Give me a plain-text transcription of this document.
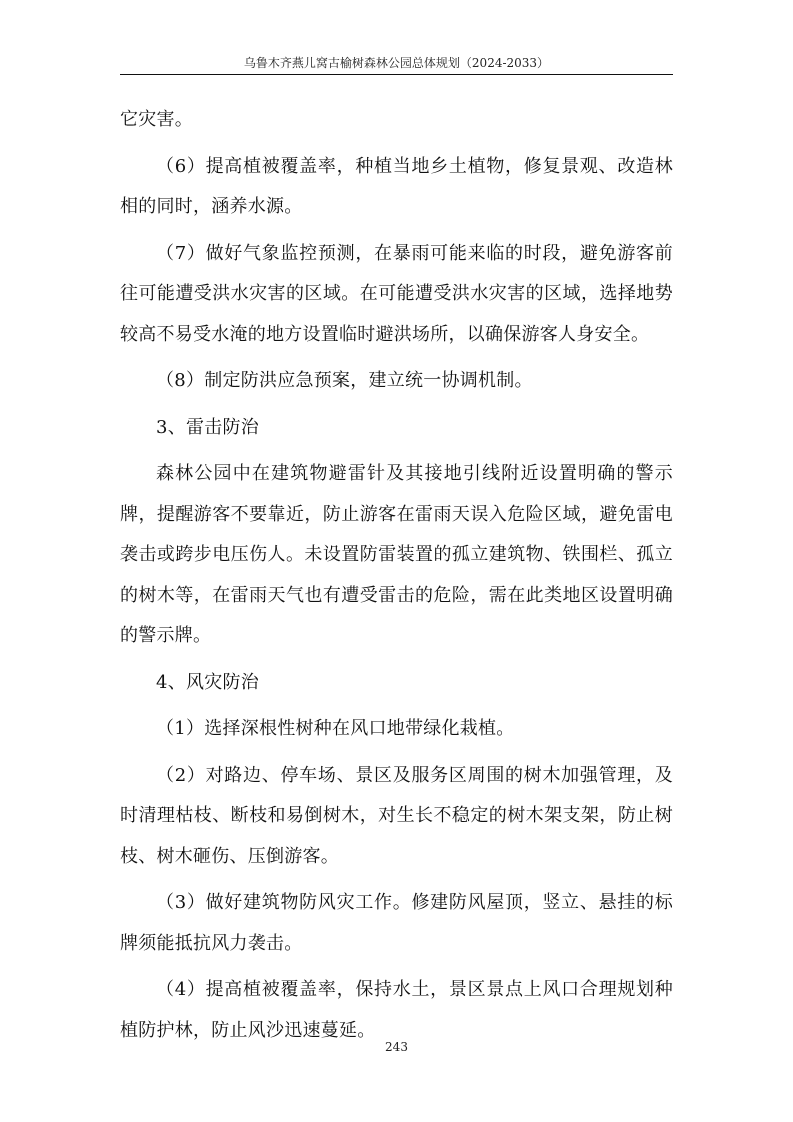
乌鲁木齐燕儿窝古榆树森林公园总体规划（2024-2033）

它灾害。

（6）提高植被覆盖率，种植当地乡土植物，修复景观、改造林相的同时，涵养水源。

（7）做好气象监控预测，在暴雨可能来临的时段，避免游客前往可能遭受洪水灾害的区域。在可能遭受洪水灾害的区域，选择地势较高不易受水淹的地方设置临时避洪场所，以确保游客人身安全。

（8）制定防洪应急预案，建立统一协调机制。

3、雷击防治

森林公园中在建筑物避雷针及其接地引线附近设置明确的警示牌，提醒游客不要靠近，防止游客在雷雨天误入危险区域，避免雷电袭击或跨步电压伤人。未设置防雷装置的孤立建筑物、铁围栏、孤立的树木等，在雷雨天气也有遭受雷击的危险，需在此类地区设置明确的警示牌。

4、风灾防治

（1）选择深根性树种在风口地带绿化栽植。

（2）对路边、停车场、景区及服务区周围的树木加强管理，及时清理枯枝、断枝和易倒树木，对生长不稳定的树木架支架，防止树枝、树木砸伤、压倒游客。

（3）做好建筑物防风灾工作。修建防风屋顶，竖立、悬挂的标牌须能抵抗风力袭击。

（4）提高植被覆盖率，保持水土，景区景点上风口合理规划种植防护林，防止风沙迅速蔓延。

243
